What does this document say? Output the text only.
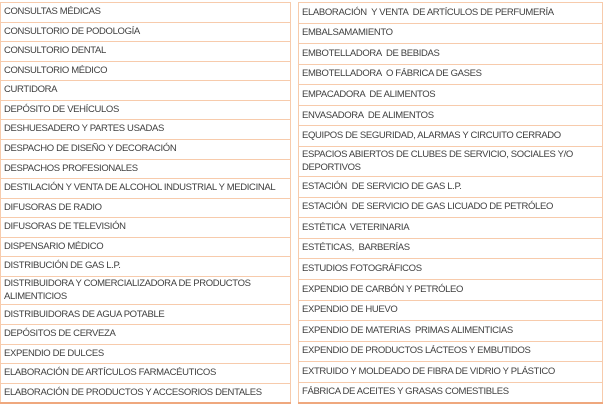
CONSULTAS MÉDICAS
CONSULTORIO DE PODOLOGÍA
CONSULTORIO DENTAL
CONSULTORIO MÉDICO
CURTIDORA
DEPÓSITO DE VEHÍCULOS
DESHUESADERO Y PARTES USADAS
DESPACHO DE DISEÑO Y DECORACIÓN
DESPACHOS PROFESIONALES
DESTILACIÓN Y VENTA DE ALCOHOL INDUSTRIAL Y MEDICINAL
DIFUSORAS DE RADIO
DIFUSORAS DE TELEVISIÓN
DISPENSARIO MÉDICO
DISTRIBUCIÓN DE GAS L.P.
DISTRIBUIDORA Y COMERCIALIZADORA DE PRODUCTOS ALIMENTICIOS
DISTRIBUIDORAS DE AGUA POTABLE
DEPÓSITOS DE CERVEZA
EXPENDIO DE DULCES
ELABORACIÓN DE ARTÍCULOS FARMACÉUTICOS
ELABORACIÓN DE PRODUCTOS Y ACCESORIOS DENTALES
ELABORACIÓN  Y VENTA  DE ARTÍCULOS DE PERFUMERÍA
EMBALSAMAMIENTO
EMBOTELLADORA  DE BEBIDAS
EMBOTELLADORA  O FÁBRICA DE GASES
EMPACADORA  DE ALIMENTOS
ENVASADORA  DE ALIMENTOS
EQUIPOS DE SEGURIDAD, ALARMAS Y CIRCUITO CERRADO
ESPACIOS ABIERTOS DE CLUBES DE SERVICIO, SOCIALES Y/O DEPORTIVOS
ESTACIÓN  DE SERVICIO DE GAS L.P.
ESTACIÓN  DE SERVICIO DE GAS LICUADO DE PETRÓLEO
ESTÉTICA  VETERINARIA
ESTÉTICAS,  BARBERÍAS
ESTUDIOS FOTOGRÁFICOS
EXPENDIO DE CARBÓN Y PETRÓLEO
EXPENDIO DE HUEVO
EXPENDIO DE MATERIAS  PRIMAS ALIMENTICIAS
EXPENDIO DE PRODUCTOS LÁCTEOS Y EMBUTIDOS
EXTRUIDO Y MOLDEADO DE FIBRA DE VIDRIO Y PLÁSTICO
FÁBRICA DE ACEITES Y GRASAS COMESTIBLES
